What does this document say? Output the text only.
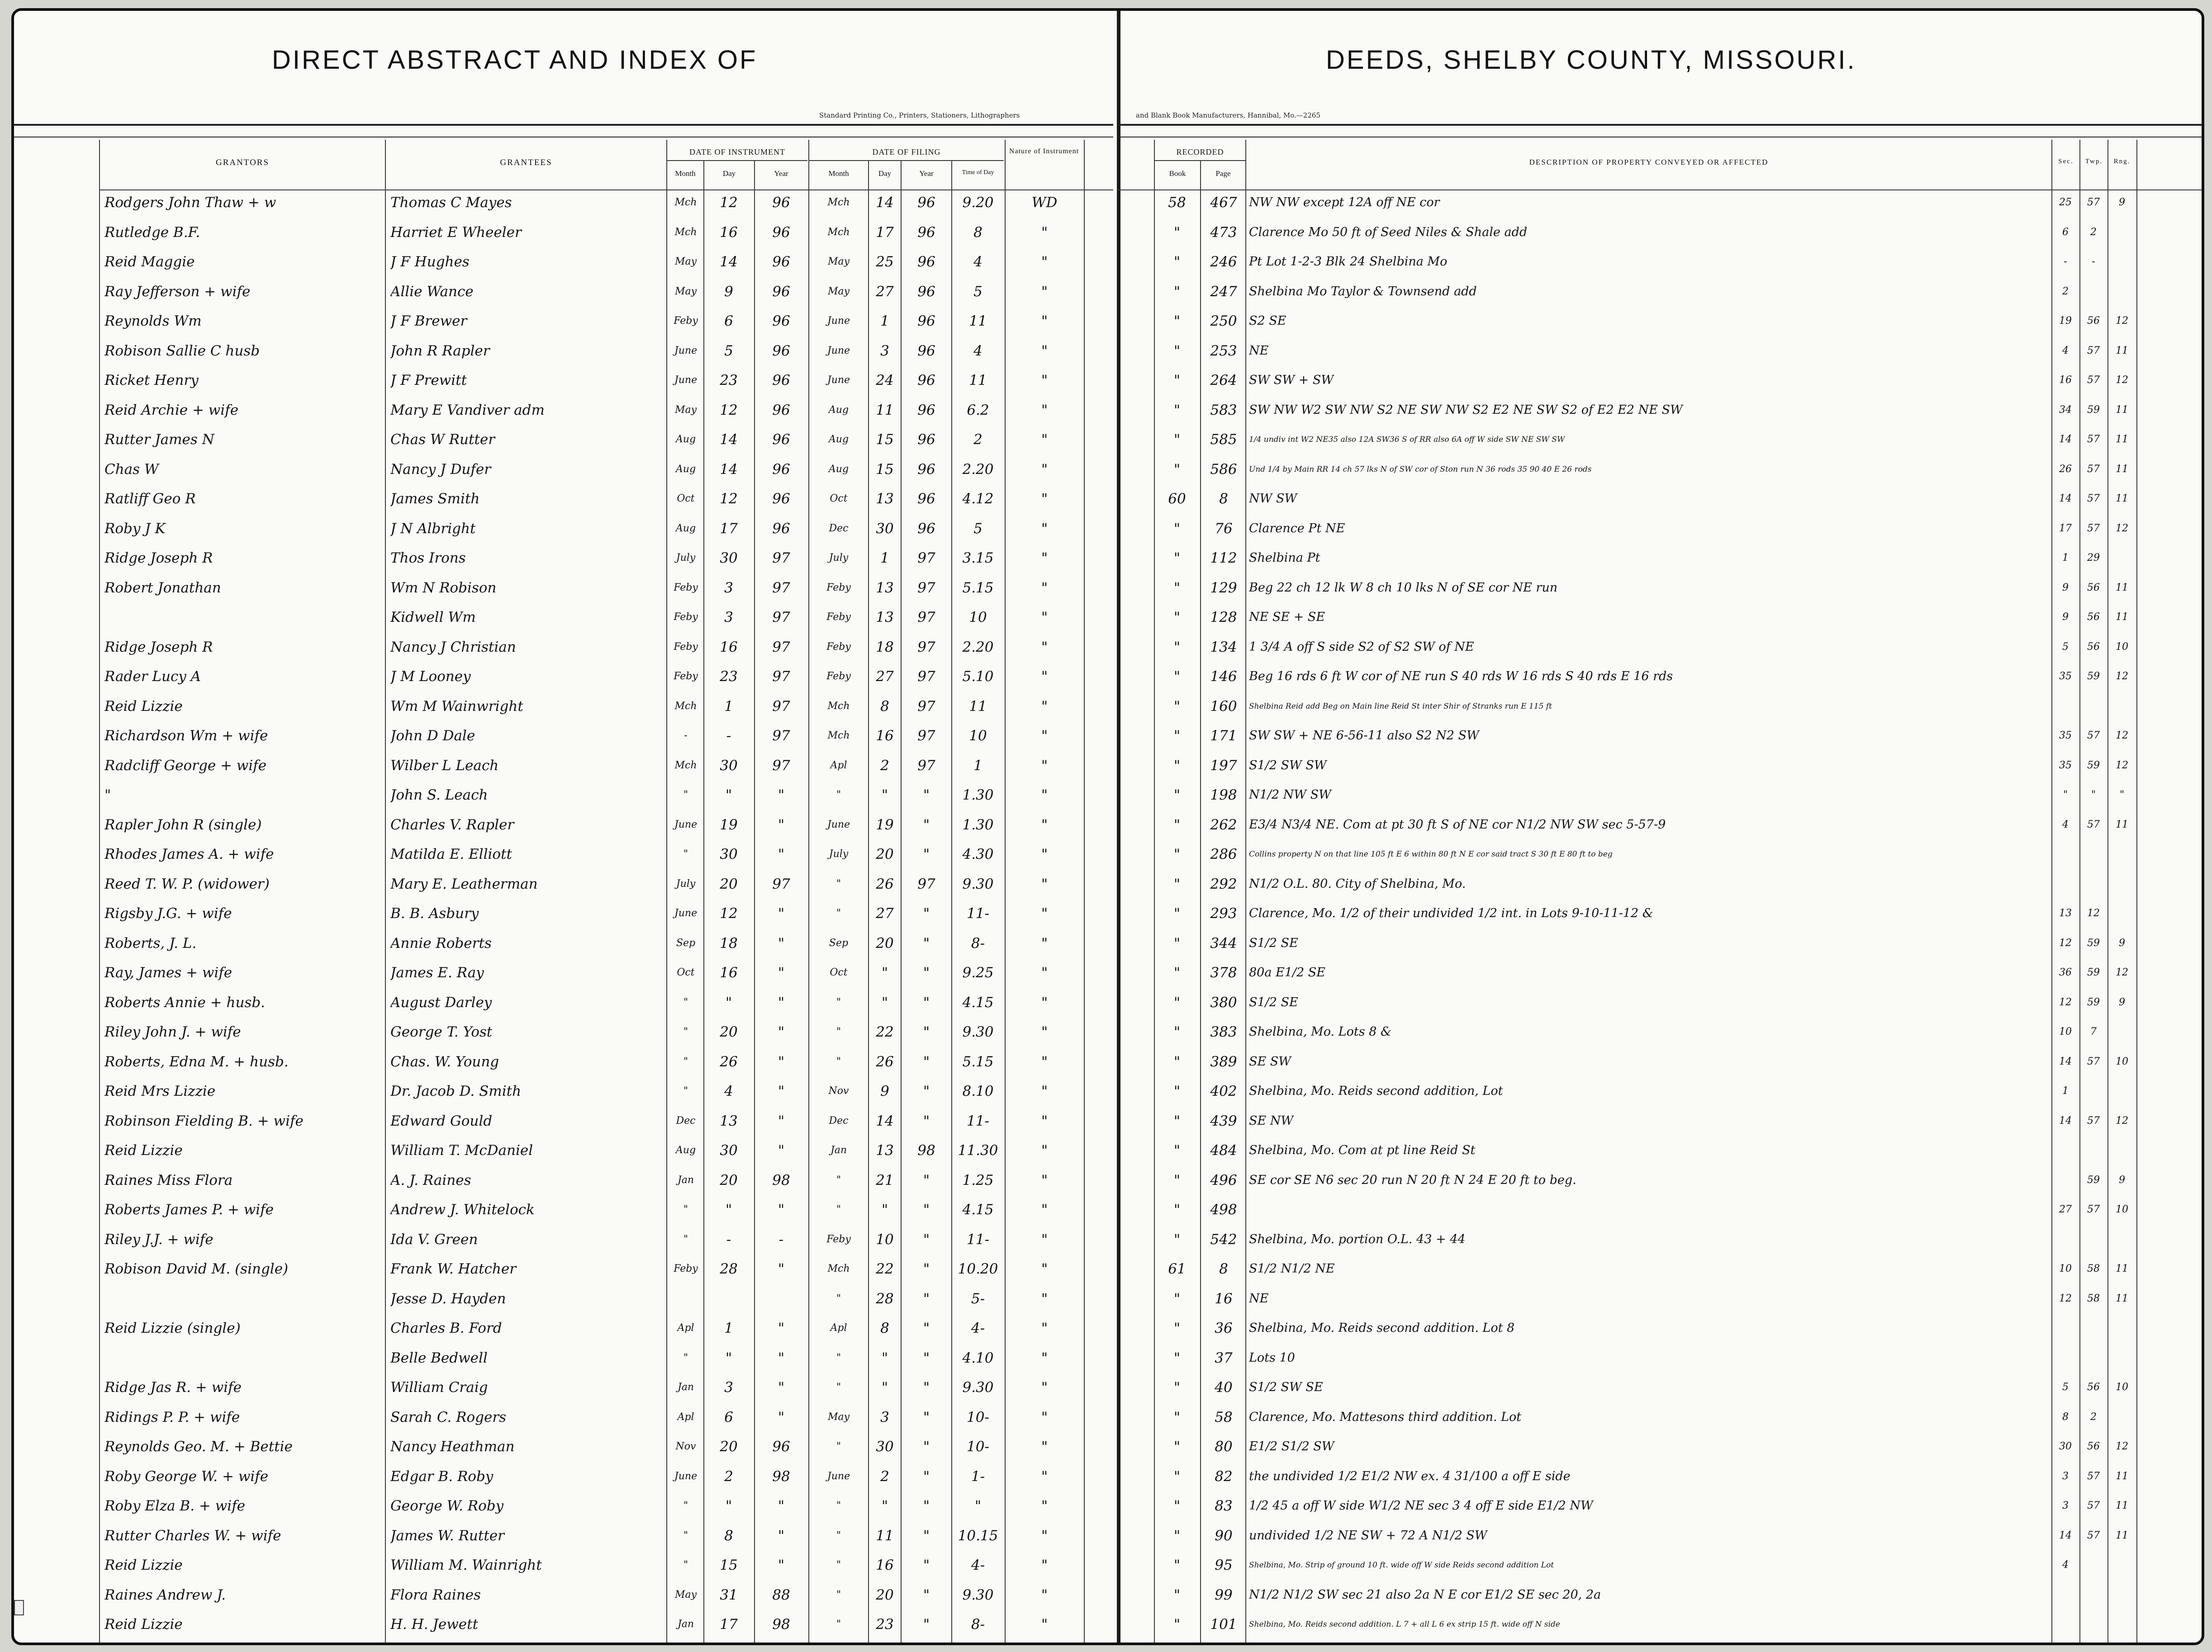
DIRECT ABSTRACT AND INDEX OF
Standard Printing Co., Printers, Stationers, Lithographers
GRANTORS	GRANTEES
DATE OF INSTRUMENT	DATE OF FILING	Nature of Instrument
Month	Day	Year	Month	Day	Year	Time of Day
DEEDS, SHELBY COUNTY, MISSOURI.
and Blank Book Manufacturers, Hannibal, Mo.—2265
RECORDED
Book	Page
DESCRIPTION OF PROPERTY CONVEYED OR AFFECTED	Sec.	Twp.	Rng.
Rodgers John Thaw + w	Thomas C Mayes	Mch	12	96	Mch	14	96	9.20	WD	58	467 NW NW except 12A off NE cor	25	57	9
Rutledge B.F.	Harriet E Wheeler	Mch	16	96	Mch	17	96	8	"	"	473 Clarence Mo 50 ft of Seed Niles & Shale add	6	2
Reid Maggie	J F Hughes	May	14	96	May	25	96	4	"	"	246 Pt Lot 1-2-3 Blk 24 Shelbina Mo	-	-
Ray Jefferson + wife	Allie Wance	May	9	96	May	27	96	5	"	"	247 Shelbina Mo Taylor & Townsend add	2
Reynolds Wm	J F Brewer	Feby	6	96	June	1	96	11	"	"	250 S2 SE	19	56	12
Robison Sallie C husb	John R Rapler	June	5	96	June	3	96	4	"	"	253 NE	4	57	11
Ricket Henry	J F Prewitt	June	23	96	June	24	96	11	"	"	264 SW SW + SW	16	57	12
Reid Archie + wife	Mary E Vandiver adm	May	12	96	Aug	11	96	6.2	"	"	583 SW NW W2 SW NW S2 NE SW NW S2 E2 NE SW S2 of E2 E2 NE SW	34	59	11
Rutter James N	Chas W Rutter	Aug	14	96	Aug	15	96	2	"	"	585	1/4 undiv int W2 NE35 also 12A SW36 S of RR also 6A off W side SW NE SW SW	14	57	11
Chas W	Nancy J Dufer	Aug	14	96	Aug	15	96	2.20	"	"	586	Und 1/4 by Main RR 14 ch 57 lks N of SW cor of Ston run N 36 rods 35 90 40 E 26 rods	26	57	11
Ratliff Geo R	James Smith	Oct	12	96	Oct	13	96	4.12	"	60	8	NW SW	14	57	11
Roby J K	J N Albright	Aug	17	96	Dec	30	96	5	"	"	76	Clarence Pt NE	17	57	12
Ridge Joseph R	Thos Irons	July	30	97	July	1	97	3.15	"	"	112 Shelbina Pt	1	29
Robert Jonathan	Wm N Robison	Feby	3	97	Feby	13	97	5.15	"	"	129 Beg 22 ch 12 lk W 8 ch 10 lks N of SE cor NE run	9	56	11
Kidwell Wm	Feby	3	97	Feby	13	97	10	"	"	128 NE SE + SE	9	56	11
Ridge Joseph R	Nancy J Christian	Feby	16	97	Feby	18	97	2.20	"	"	134 1 3/4 A off S side S2 of S2 SW of NE	5	56	10
Rader Lucy A	J M Looney	Feby	23	97	Feby	27	97	5.10	"	"	146 Beg 16 rds 6 ft W cor of NE run S 40 rds W 16 rds S 40 rds E 16 rds	35	59	12
Reid Lizzie	Wm M Wainwright	Mch	1	97	Mch	8	97	11	"	"	160	Shelbina Reid add Beg on Main line Reid St inter Shir of Stranks run E 115 ft
Richardson Wm + wife	John D Dale	-	-	97	Mch	16	97	10	"	"	171 SW SW + NE 6-56-11 also S2 N2 SW	35	57	12
Radcliff George + wife	Wilber L Leach	Mch	30	97	Apl	2	97	1	"	"	197 S1/2 SW SW	35	59	12
"	John S. Leach	"	"	"	"	"	"	1.30	"	"	198 N1/2 NW SW	"	"	"
Rapler John R (single)	Charles V. Rapler	June	19	"	June	19	"	1.30	"	"	262 E3/4 N3/4 NE. Com at pt 30 ft S of NE cor N1/2 NW SW sec 5-57-9	4	57	11
Rhodes James A. + wife	Matilda E. Elliott	"	30	"	July	20	"	4.30	"	"	286	Collins property N on that line 105 ft E 6 within 80 ft N E cor said tract S 30 ft E 80 ft to beg
Reed T. W. P. (widower)	Mary E. Leatherman	July	20	97	"	26	97	9.30	"	"	292 N1/2 O.L. 80. City of Shelbina, Mo.
Rigsby J.G. + wife	B. B. Asbury	June	12	"	"	27	"	11-	"	"	293 Clarence, Mo. 1/2 of their undivided 1/2 int. in Lots 9-10-11-12 &	13	12
Roberts, J. L.	Annie Roberts	Sep	18	"	Sep	20	"	8-	"	"	344 S1/2 SE	12	59	9
Ray, James + wife	James E. Ray	Oct	16	"	Oct	"	"	9.25	"	"	378 80a E1/2 SE	36	59	12
Roberts Annie + husb.	August Darley	"	"	"	"	"	"	4.15	"	"	380 S1/2 SE	12	59	9
Riley John J. + wife	George T. Yost	"	20	"	"	22	"	9.30	"	"	383 Shelbina, Mo. Lots 8 &	10	7
Roberts, Edna M. + husb.	Chas. W. Young	"	26	"	"	26	"	5.15	"	"	389 SE SW	14	57	10
Reid Mrs Lizzie	Dr. Jacob D. Smith	"	4	"	Nov	9	"	8.10	"	"	402 Shelbina, Mo. Reids second addition, Lot	1
Robinson Fielding B. + wife	Edward Gould	Dec	13	"	Dec	14	"	11-	"	"	439 SE NW	14	57	12
Reid Lizzie	William T. McDaniel	Aug	30	"	Jan	13	98	11.30	"	"	484 Shelbina, Mo. Com at pt line Reid St
Raines Miss Flora	A. J. Raines	Jan	20	98	"	21	"	1.25	"	"	496 SE cor SE N6 sec 20 run N 20 ft N 24 E 20 ft to beg.	59	9
Roberts James P. + wife	Andrew J. Whitelock	"	"	"	"	"	"	4.15	"	"	498	27	57	10
Riley J.J. + wife	Ida V. Green	"	-	-	Feby	10	"	11-	"	"	542 Shelbina, Mo. portion O.L. 43 + 44
Robison David M. (single)	Frank W. Hatcher	Feby	28	"	Mch	22	"	10.20	"	61	8	S1/2 N1/2 NE	10	58	11
Jesse D. Hayden	"	28	"	5-	"	"	16	NE	12	58	11
Reid Lizzie (single)	Charles B. Ford	Apl	1	"	Apl	8	"	4-	"	"	36	Shelbina, Mo. Reids second addition. Lot 8
Belle Bedwell	"	"	"	"	"	"	4.10	"	"	37	Lots 10
Ridge Jas R. + wife	William Craig	Jan	3	"	"	"	"	9.30	"	"	40	S1/2 SW SE	5	56	10
Ridings P. P. + wife	Sarah C. Rogers	Apl	6	"	May	3	"	10-	"	"	58	Clarence, Mo. Mattesons third addition. Lot	8	2
Reynolds Geo. M. + Bettie	Nancy Heathman	Nov	20	96	"	30	"	10-	"	"	80	E1/2 S1/2 SW	30	56	12
Roby George W. + wife	Edgar B. Roby	June	2	98	June	2	"	1-	"	"	82	the undivided 1/2 E1/2 NW ex. 4 31/100 a off E side	3	57	11
Roby Elza B. + wife	George W. Roby	"	"	"	"	"	"	"	"	"	83	1/2 45 a off W side W1/2 NE sec 3 4 off E side E1/2 NW	3	57	11
Rutter Charles W. + wife	James W. Rutter	"	8	"	"	11	"	10.15	"	"	90	undivided 1/2 NE SW + 72 A N1/2 SW	14	57	11
Reid Lizzie	William M. Wainright	"	15	"	"	16	"	4-	"	"	95	Shelbina, Mo. Strip of ground 10 ft. wide off W side Reids second addition Lot	4
Raines Andrew J.	Flora Raines	May	31	88	"	20	"	9.30	"	"	99	N1/2 N1/2 SW sec 21 also 2a N E cor E1/2 SE sec 20, 2a
Reid Lizzie	H. H. Jewett	Jan	17	98	"	23	"	8-	"	"	101	Shelbina, Mo. Reids second addition. L 7 + all L 6 ex strip 15 ft. wide off N side
